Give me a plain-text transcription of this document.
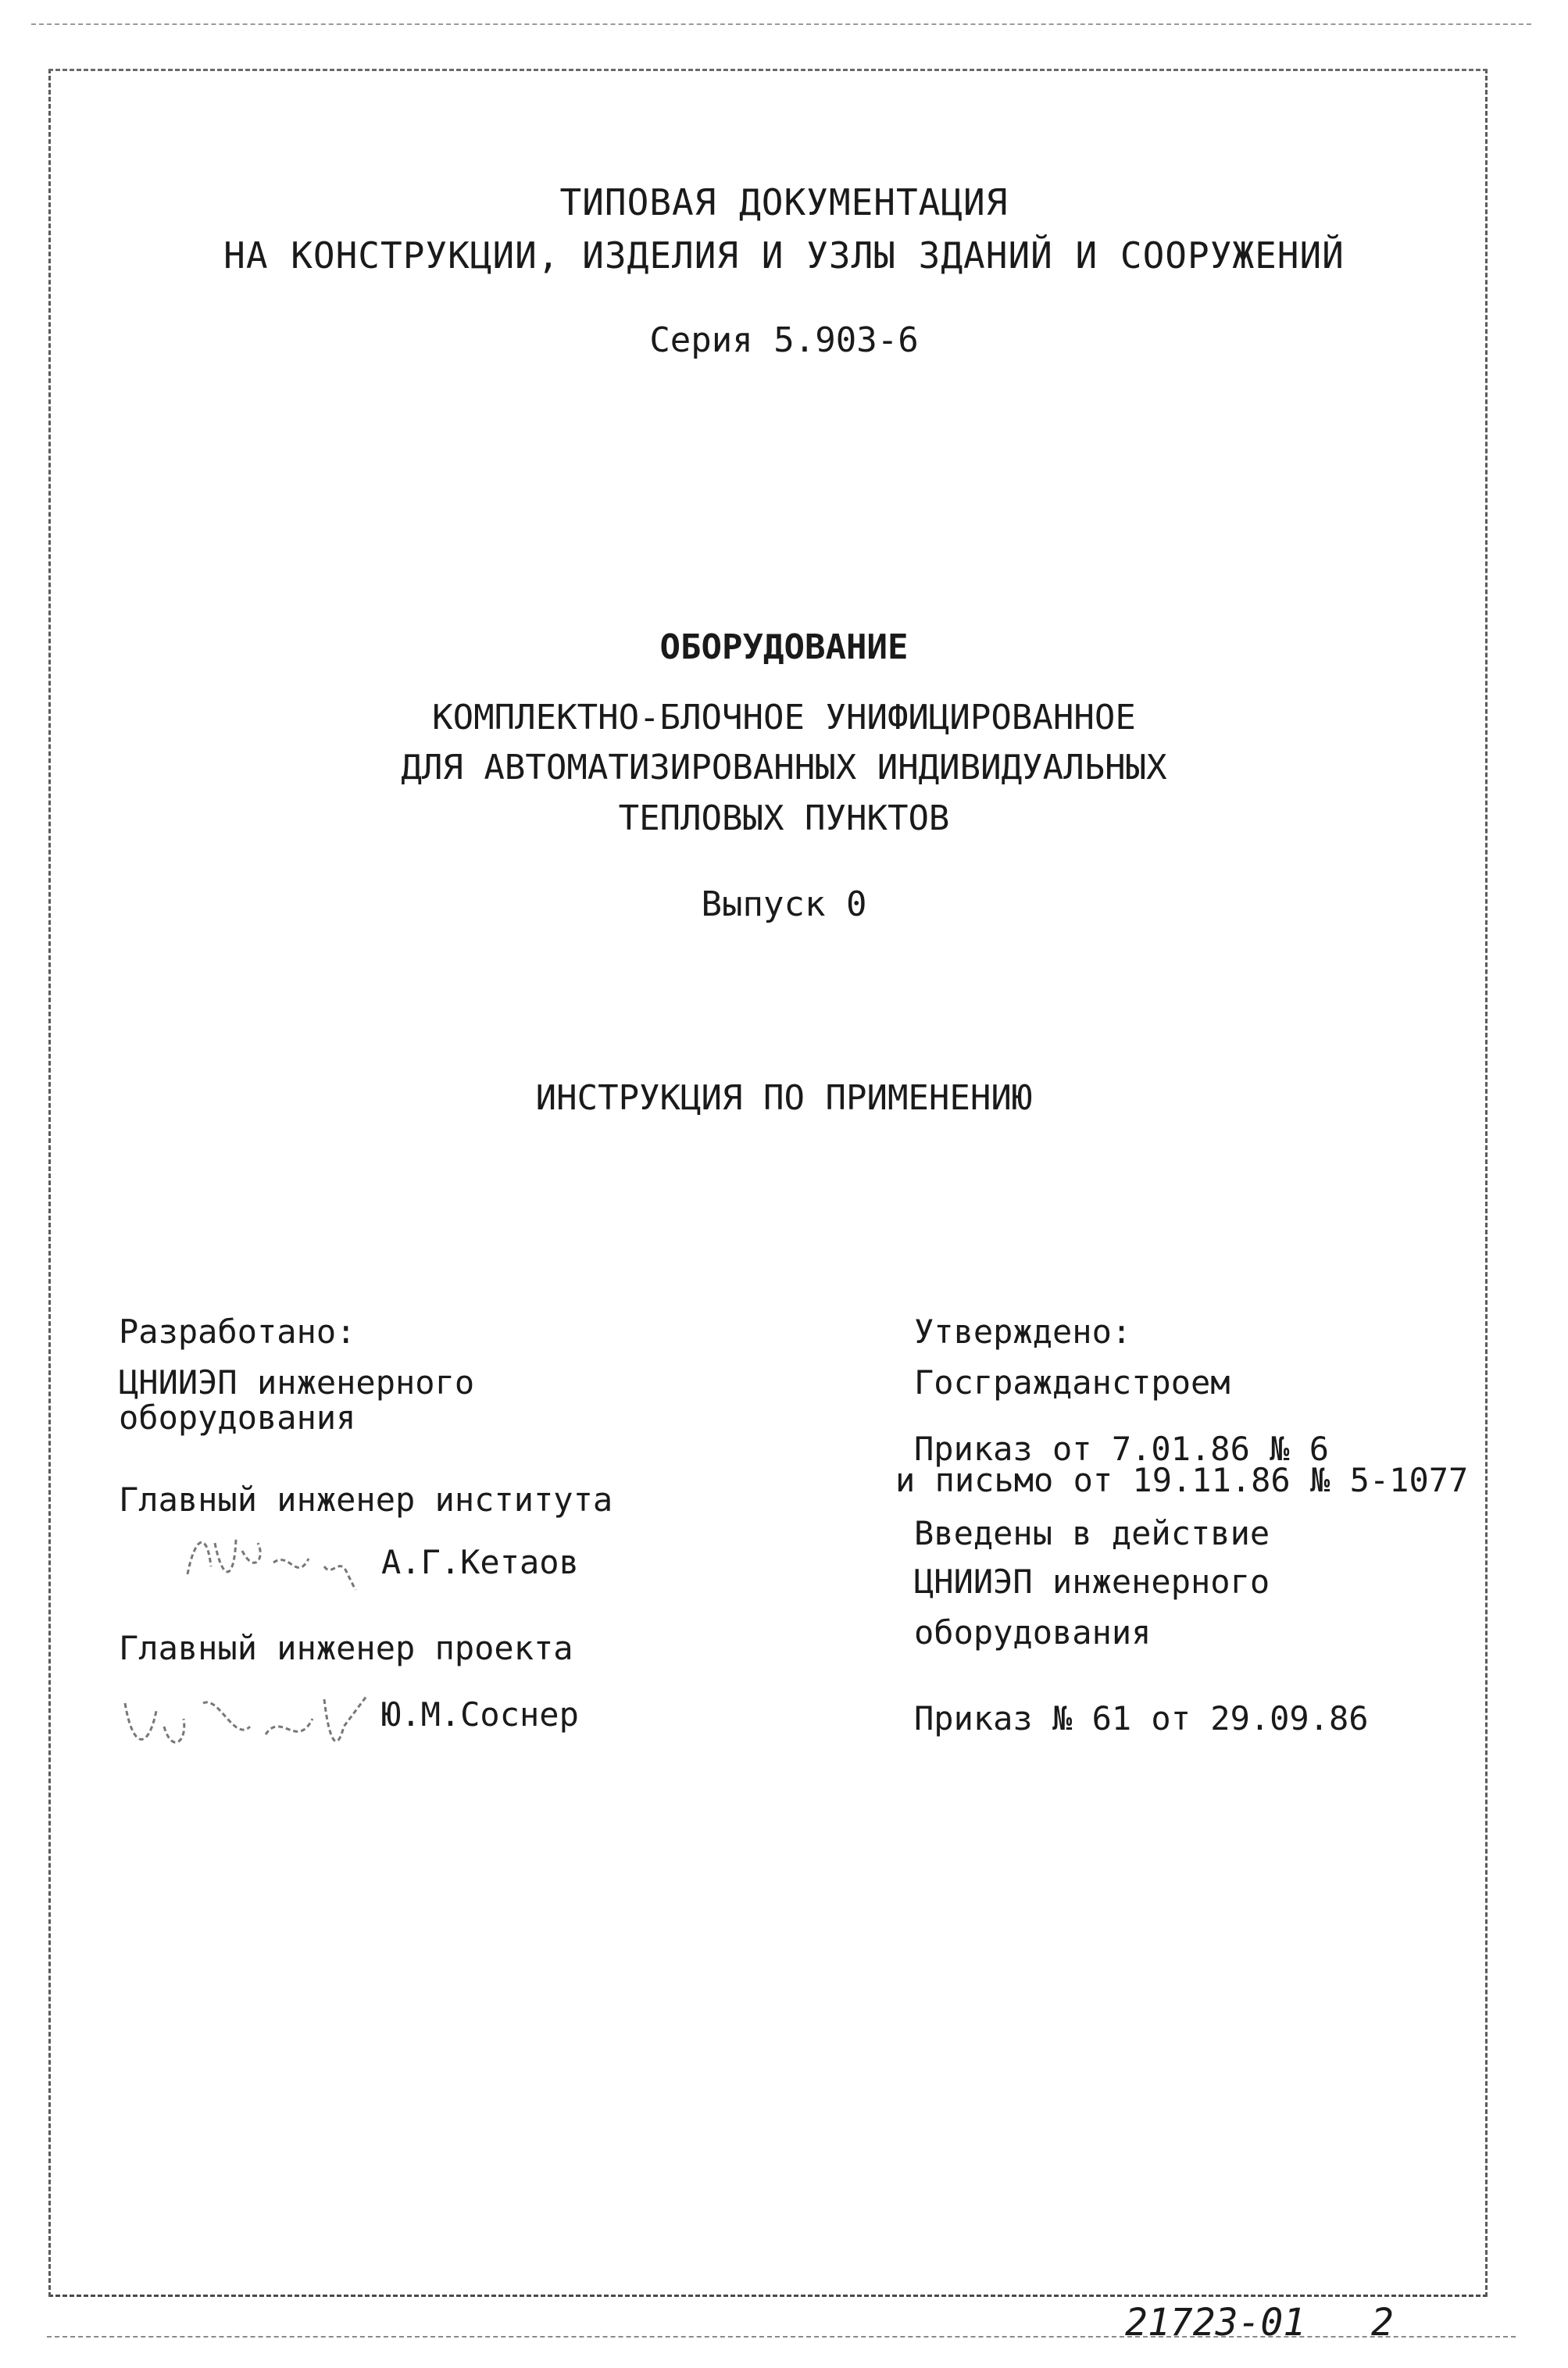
ТИПОВАЯ ДОКУМЕНТАЦИЯ
НА КОНСТРУКЦИИ, ИЗДЕЛИЯ И УЗЛЫ ЗДАНИЙ И СООРУЖЕНИЙ
Серия 5.903-6
ОБОРУДОВАНИЕ
КОМПЛЕКТНО-БЛОЧНОЕ УНИФИЦИРОВАННОЕ
ДЛЯ АВТОМАТИЗИРОВАННЫХ ИНДИВИДУАЛЬНЫХ
ТЕПЛОВЫХ ПУНКТОВ
Выпуск 0
ИНСТРУКЦИЯ ПО ПРИМЕНЕНИЮ
Разработано:
ЦНИИЭП инженерного
оборудования
Главный инженер института
А.Г.Кетаов
Главный инженер проекта
Ю.М.Соснер
Утверждено:
Госгражданстроем
Приказ от 7.01.86 № 6
и письмо от 19.11.86 № 5-1077
Введены в действие
ЦНИИЭП инженерного
оборудования
Приказ № 61 от 29.09.86
21723-01 2
